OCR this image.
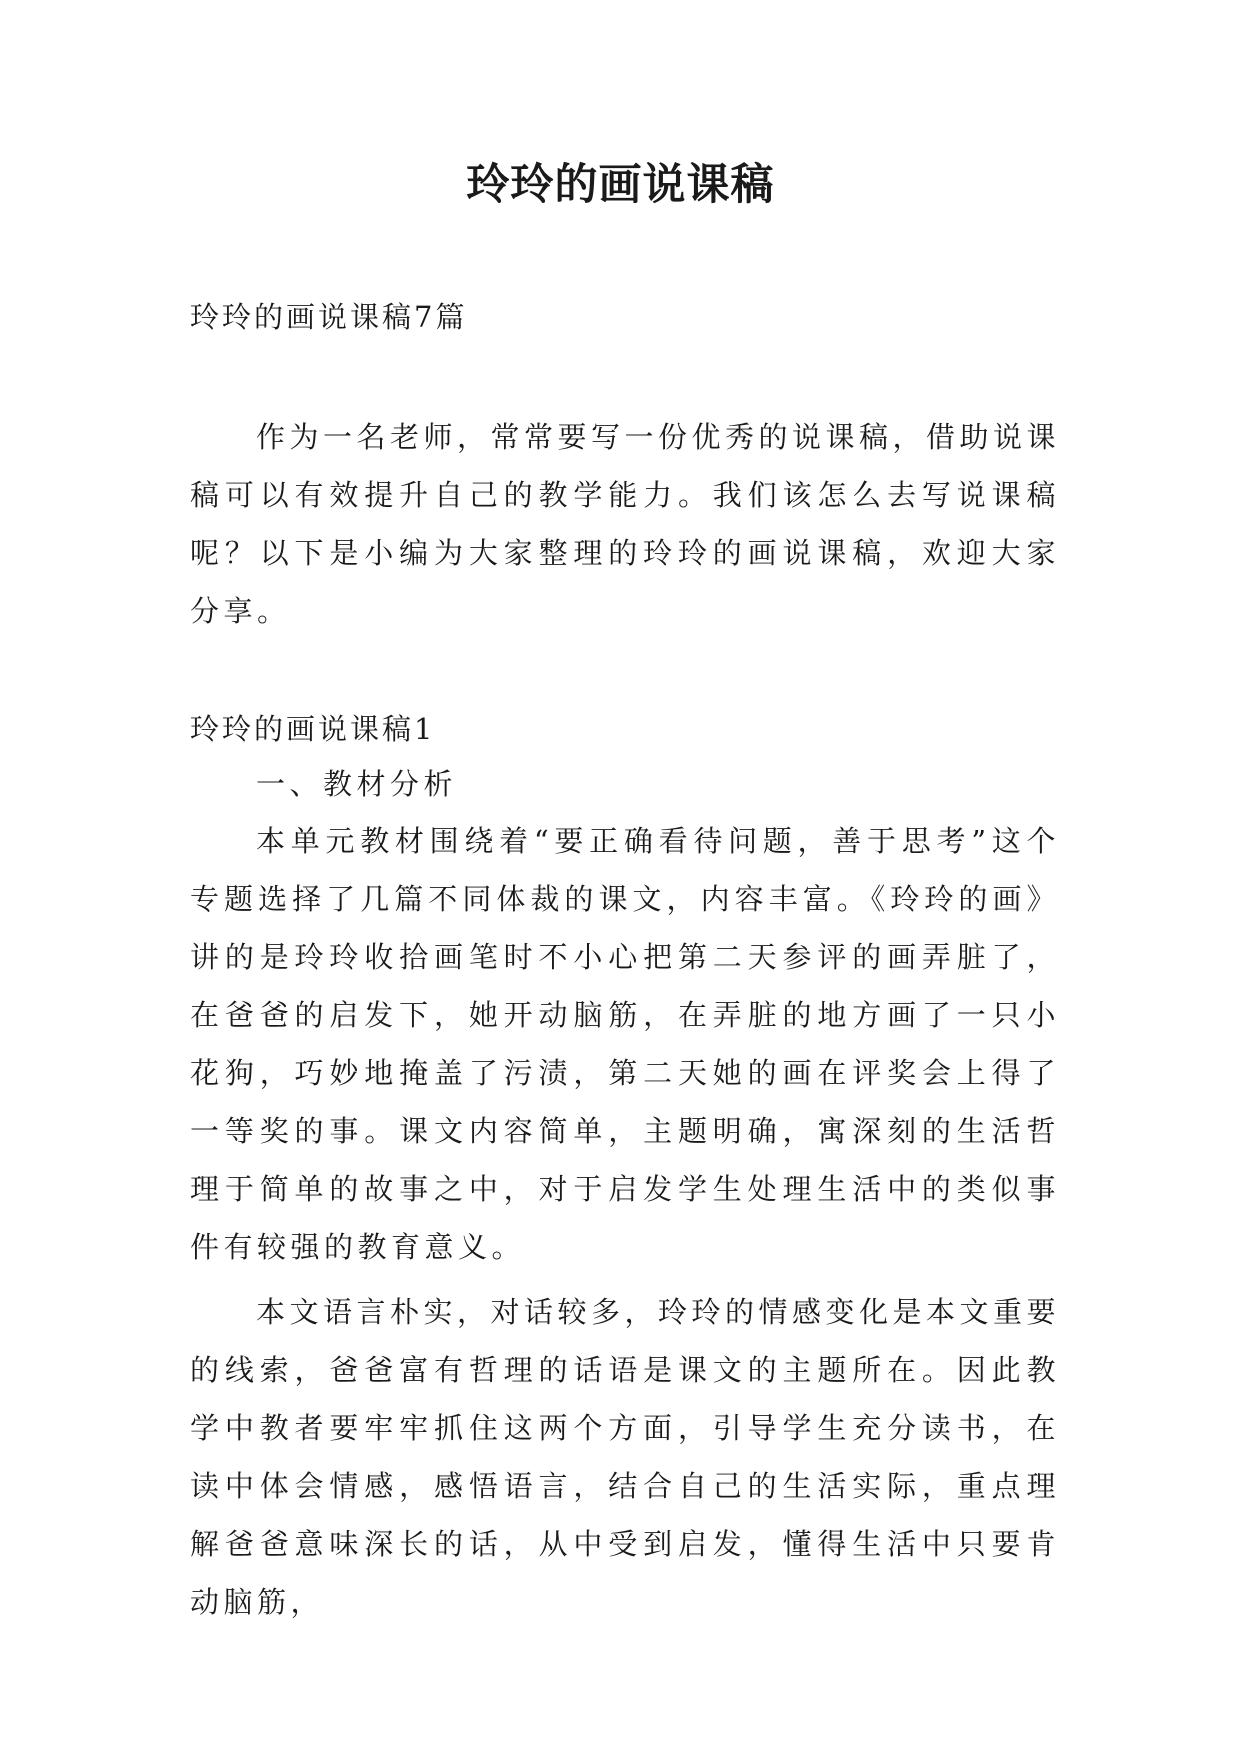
玲玲的画说课稿

玲玲的画说课稿7篇

作为一名老师，常常要写一份优秀的说课稿，借助说课稿可以有效提升自己的教学能力。我们该怎么去写说课稿呢？以下是小编为大家整理的玲玲的画说课稿，欢迎大家分享。

玲玲的画说课稿1

一、教材分析

本单元教材围绕着“要正确看待问题，善于思考”这个专题选择了几篇不同体裁的课文，内容丰富。《玲玲的画》讲的是玲玲收拾画笔时不小心把第二天参评的画弄脏了，在爸爸的启发下，她开动脑筋，在弄脏的地方画了一只小花狗，巧妙地掩盖了污渍，第二天她的画在评奖会上得了一等奖的事。课文内容简单，主题明确，寓深刻的生活哲理于简单的故事之中，对于启发学生处理生活中的类似事件有较强的教育意义。

本文语言朴实，对话较多，玲玲的情感变化是本文重要的线索，爸爸富有哲理的话语是课文的主题所在。因此教学中教者要牢牢抓住这两个方面，引导学生充分读书，在读中体会情感，感悟语言，结合自己的生活实际，重点理解爸爸意味深长的话，从中受到启发，懂得生活中只要肯动脑筋，
